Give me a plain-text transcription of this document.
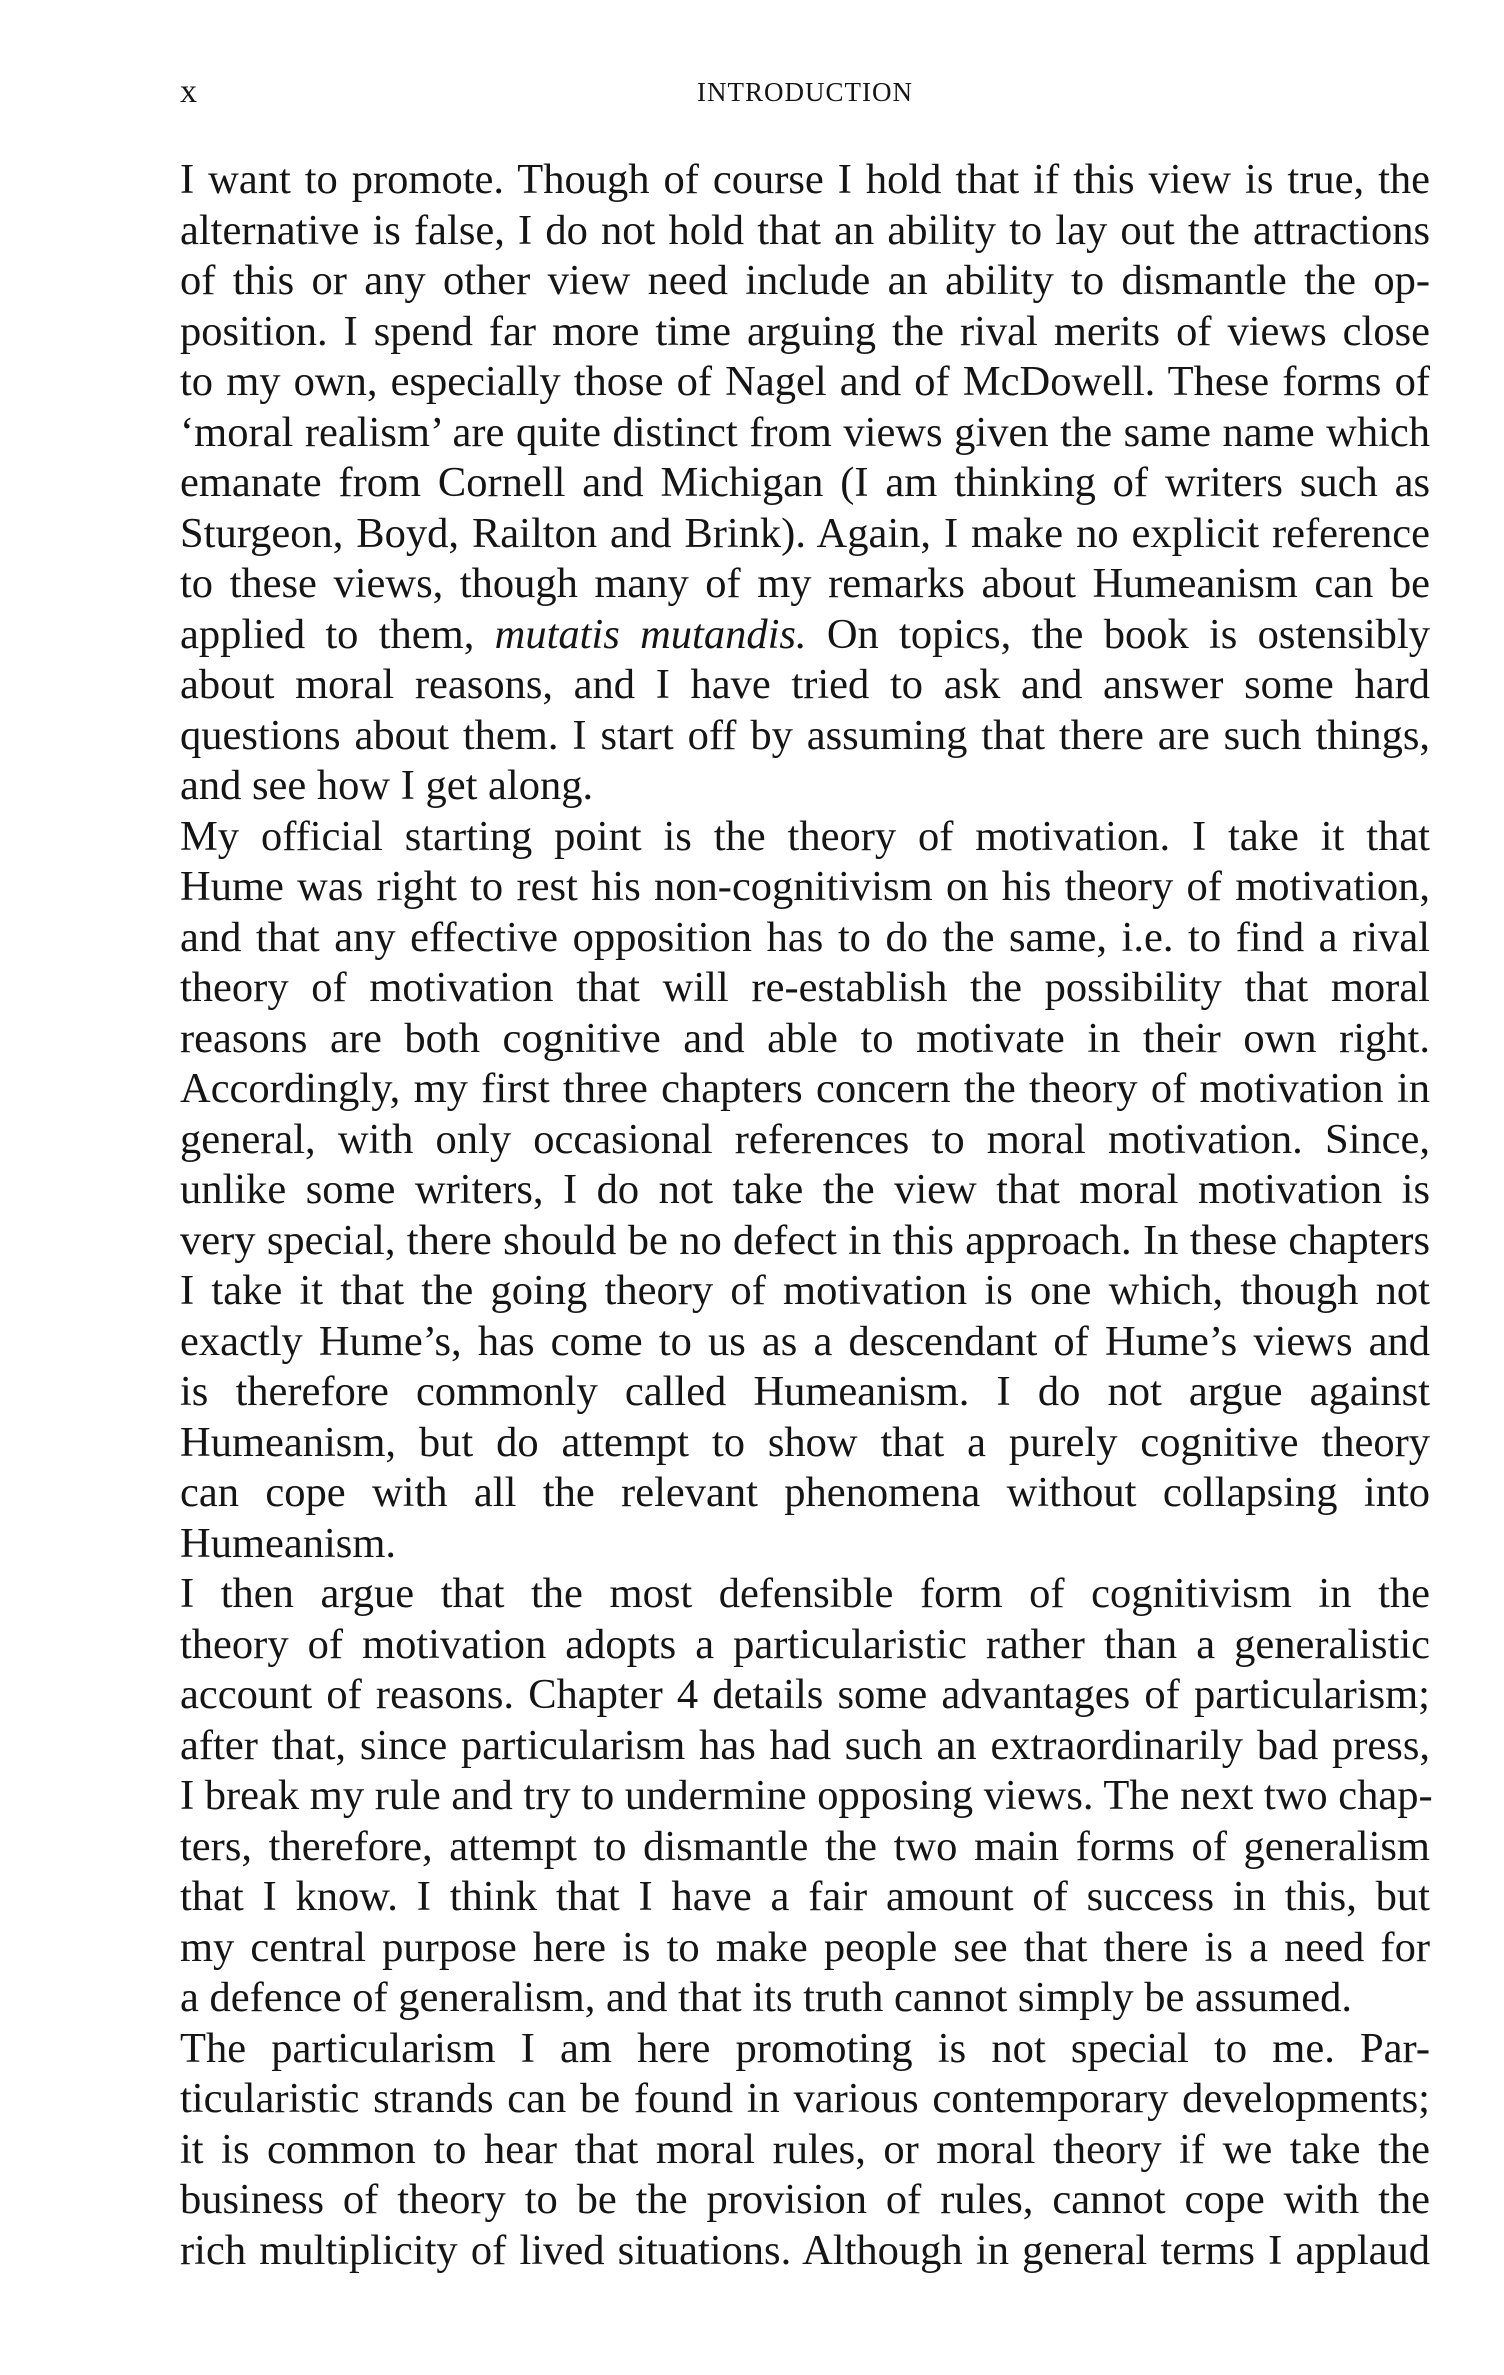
x	INTRODUCTION

I want to promote. Though of course I hold that if this view is true, the
alternative is false, I do not hold that an ability to lay out the attractions
of this or any other view need include an ability to dismantle the op-
position. I spend far more time arguing the rival merits of views close
to my own, especially those of Nagel and of McDowell. These forms of
‘moral realism’ are quite distinct from views given the same name which
emanate from Cornell and Michigan (I am thinking of writers such as
Sturgeon, Boyd, Railton and Brink). Again, I make no explicit reference
to these views, though many of my remarks about Humeanism can be
applied to them, mutatis mutandis. On topics, the book is ostensibly
about moral reasons, and I have tried to ask and answer some hard
questions about them. I start off by assuming that there are such things,
and see how I get along.

My official starting point is the theory of motivation. I take it that
Hume was right to rest his non-cognitivism on his theory of motivation,
and that any effective opposition has to do the same, i.e. to find a rival
theory of motivation that will re-establish the possibility that moral
reasons are both cognitive and able to motivate in their own right.
Accordingly, my first three chapters concern the theory of motivation in
general, with only occasional references to moral motivation. Since,
unlike some writers, I do not take the view that moral motivation is
very special, there should be no defect in this approach. In these chapters
I take it that the going theory of motivation is one which, though not
exactly Hume’s, has come to us as a descendant of Hume’s views and
is therefore commonly called Humeanism. I do not argue against
Humeanism, but do attempt to show that a purely cognitive theory
can cope with all the relevant phenomena without collapsing into
Humeanism.

I then argue that the most defensible form of cognitivism in the
theory of motivation adopts a particularistic rather than a generalistic
account of reasons. Chapter 4 details some advantages of particularism;
after that, since particularism has had such an extraordinarily bad press,
I break my rule and try to undermine opposing views. The next two chap-
ters, therefore, attempt to dismantle the two main forms of generalism
that I know. I think that I have a fair amount of success in this, but
my central purpose here is to make people see that there is a need for
a defence of generalism, and that its truth cannot simply be assumed.

The particularism I am here promoting is not special to me. Par-
ticularistic strands can be found in various contemporary developments;
it is common to hear that moral rules, or moral theory if we take the
business of theory to be the provision of rules, cannot cope with the
rich multiplicity of lived situations. Although in general terms I applaud
